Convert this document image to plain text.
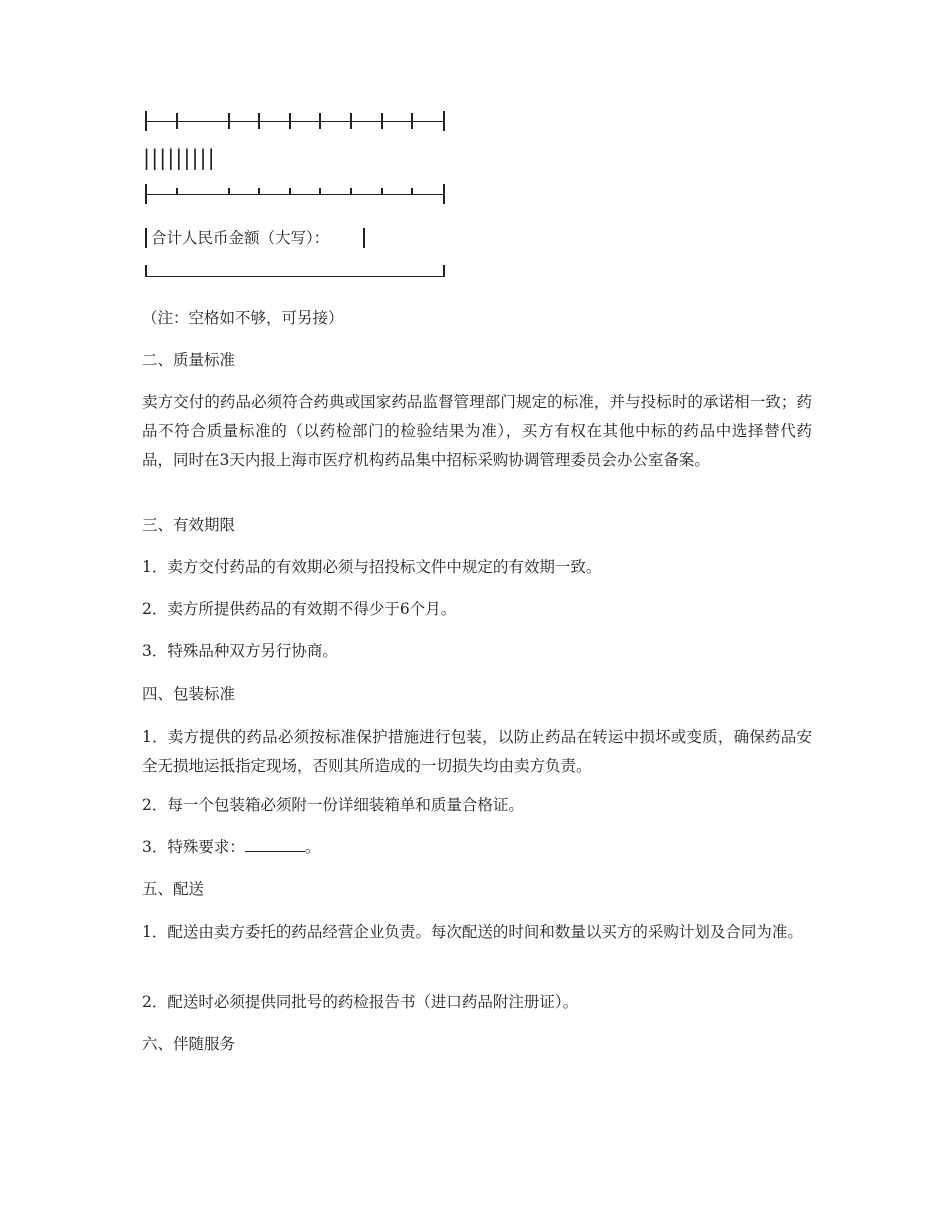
|||||||||
合计人民币金额（大写）：
（注：空格如不够，可另接）
二、质量标准
卖方交付的药品必须符合药典或国家药品监督管理部门规定的标准，并与投标时的承诺相一致；药品不符合质量标准的（以药检部门的检验结果为准），买方有权在其他中标的药品中选择替代药品，同时在3天内报上海市医疗机构药品集中招标采购协调管理委员会办公室备案。
三、有效期限
1．卖方交付药品的有效期必须与招投标文件中规定的有效期一致。
2．卖方所提供药品的有效期不得少于6个月。
3．特殊品种双方另行协商。
四、包装标准
1．卖方提供的药品必须按标准保护措施进行包装，以防止药品在转运中损坏或变质，确保药品安全无损地运抵指定现场，否则其所造成的一切损失均由卖方负责。
2．每一个包装箱必须附一份详细装箱单和质量合格证。
3．特殊要求：	。
五、配送
1．配送由卖方委托的药品经营企业负责。每次配送的时间和数量以买方的采购计划及合同为准。
2．配送时必须提供同批号的药检报告书（进口药品附注册证）。
六、伴随服务
